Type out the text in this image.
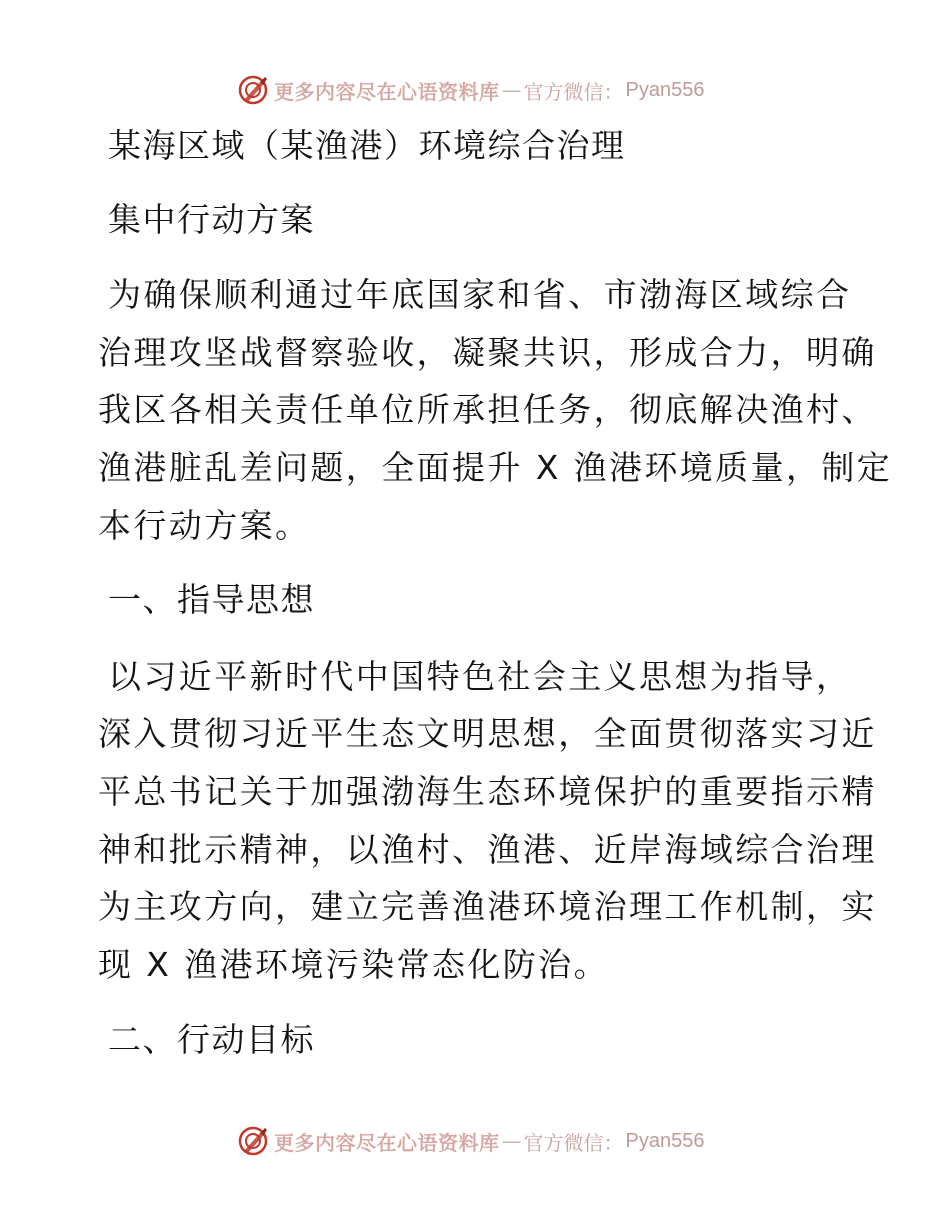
更多内容尽在心语资料库 — 官方微信： Pyan556
某海区域（某渔港）环境综合治理
集中行动方案
为确保顺利通过年底国家和省、市渤海区域综合
治理攻坚战督察验收，凝聚共识，形成合力，明确
我区各相关责任单位所承担任务，彻底解决渔村、
渔港脏乱差问题，全面提升 X 渔港环境质量，制定
本行动方案。
一、指导思想
以习近平新时代中国特色社会主义思想为指导，
深入贯彻习近平生态文明思想，全面贯彻落实习近
平总书记关于加强渤海生态环境保护的重要指示精
神和批示精神，以渔村、渔港、近岸海域综合治理
为主攻方向，建立完善渔港环境治理工作机制，实
现 X 渔港环境污染常态化防治。
二、行动目标
更多内容尽在心语资料库 — 官方微信： Pyan556
